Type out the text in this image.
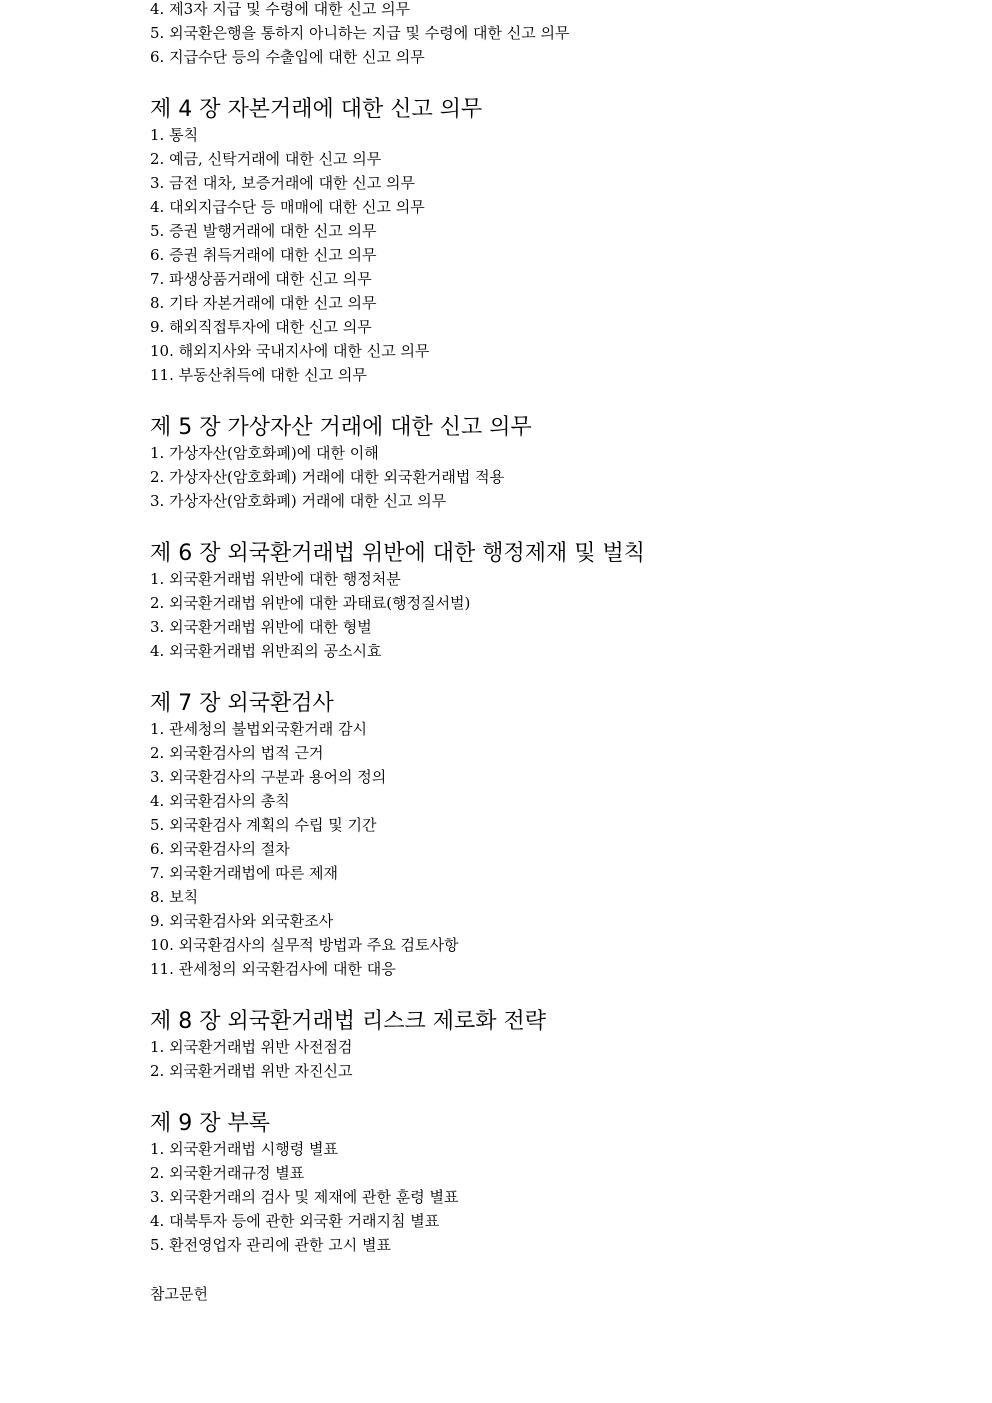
4. 제3자 지급 및 수령에 대한 신고 의무
5. 외국환은행을 통하지 아니하는 지급 및 수령에 대한 신고 의무
6. 지급수단 등의 수출입에 대한 신고 의무
제 4 장 자본거래에 대한 신고 의무
1. 통칙
2. 예금, 신탁거래에 대한 신고 의무
3. 금전 대차, 보증거래에 대한 신고 의무
4. 대외지급수단 등 매매에 대한 신고 의무
5. 증권 발행거래에 대한 신고 의무
6. 증권 취득거래에 대한 신고 의무
7. 파생상품거래에 대한 신고 의무
8. 기타 자본거래에 대한 신고 의무
9. 해외직접투자에 대한 신고 의무
10. 해외지사와 국내지사에 대한 신고 의무
11. 부동산취득에 대한 신고 의무
제 5 장 가상자산 거래에 대한 신고 의무
1. 가상자산(암호화폐)에 대한 이해
2. 가상자산(암호화폐) 거래에 대한 외국환거래법 적용
3. 가상자산(암호화폐) 거래에 대한 신고 의무
제 6 장 외국환거래법 위반에 대한 행정제재 및 벌칙
1. 외국환거래법 위반에 대한 행정처분
2. 외국환거래법 위반에 대한 과태료(행정질서벌)
3. 외국환거래법 위반에 대한 형벌
4. 외국환거래법 위반죄의 공소시효
제 7 장 외국환검사
1. 관세청의 불법외국환거래 감시
2. 외국환검사의 법적 근거
3. 외국환검사의 구분과 용어의 정의
4. 외국환검사의 총칙
5. 외국환검사 계획의 수립 및 기간
6. 외국환검사의 절차
7. 외국환거래법에 따른 제재
8. 보칙
9. 외국환검사와 외국환조사
10. 외국환검사의 실무적 방법과 주요 검토사항
11. 관세청의 외국환검사에 대한 대응
제 8 장 외국환거래법 리스크 제로화 전략
1. 외국환거래법 위반 사전점검
2. 외국환거래법 위반 자진신고
제 9 장 부록
1. 외국환거래법 시행령 별표
2. 외국환거래규정 별표
3. 외국환거래의 검사 및 제재에 관한 훈령 별표
4. 대북투자 등에 관한 외국환 거래지침 별표
5. 환전영업자 관리에 관한 고시 별표
참고문헌
